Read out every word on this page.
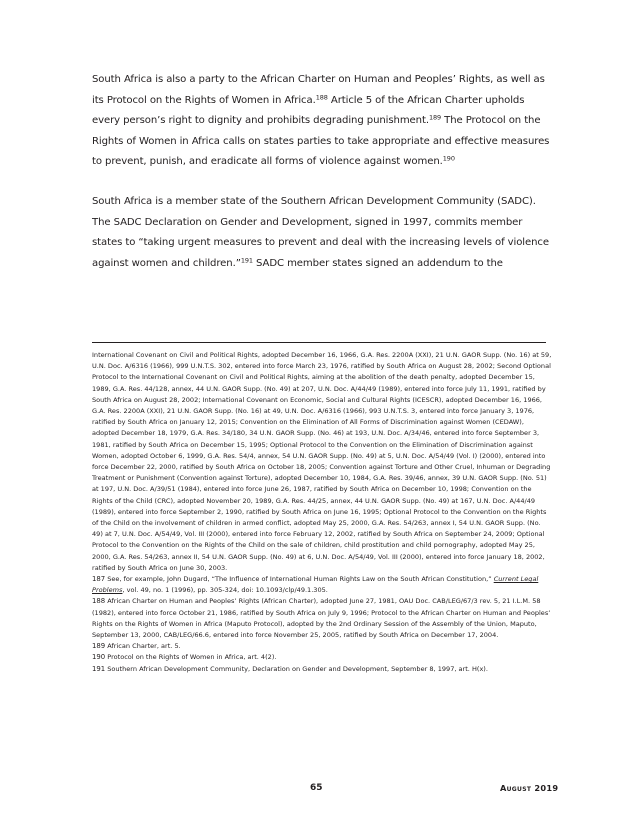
South Africa is also a party to the African Charter on Human and Peoples’ Rights, as well as its Protocol on the Rights of Women in Africa.$^{188}$ Article 5 of the African Charter upholds every person’s right to dignity and prohibits degrading punishment.$^{189}$ The Protocol on the Rights of Women in Africa calls on states parties to take appropriate and effective measures to prevent, punish, and eradicate all forms of violence against women.$^{190}$

South Africa is a member state of the Southern African Development Community (SADC). The SADC Declaration on Gender and Development, signed in 1997, commits member states to “taking urgent measures to prevent and deal with the increasing levels of violence against women and children.”$^{191}$ SADC member states signed an addendum to the

International Covenant on Civil and Political Rights, adopted December 16, 1966, G.A. Res. 2200A (XXI), 21 U.N. GAOR Supp. (No. 16) at 59, U.N. Doc. A/6316 (1966), 999 U.N.T.S. 302, entered into force March 23, 1976, ratified by South Africa on August 28, 2002; Second Optional Protocol to the International Covenant on Civil and Political Rights, aiming at the abolition of the death penalty, adopted December 15, 1989, G.A. Res. 44/128, annex, 44 U.N. GAOR Supp. (No. 49) at 207, U.N. Doc. A/44/49 (1989), entered into force July 11, 1991, ratified by South Africa on August 28, 2002; International Covenant on Economic, Social and Cultural Rights (ICESCR), adopted December 16, 1966, G.A. Res. 2200A (XXI), 21 U.N. GAOR Supp. (No. 16) at 49, U.N. Doc. A/6316 (1966), 993 U.N.T.S. 3, entered into force January 3, 1976, ratified by South Africa on January 12, 2015; Convention on the Elimination of All Forms of Discrimination against Women (CEDAW), adopted December 18, 1979, G.A. Res. 34/180, 34 U.N. GAOR Supp. (No. 46) at 193, U.N. Doc. A/34/46, entered into force September 3, 1981, ratified by South Africa on December 15, 1995; Optional Protocol to the Convention on the Elimination of Discrimination against Women, adopted October 6, 1999, G.A. Res. 54/4, annex, 54 U.N. GAOR Supp. (No. 49) at 5, U.N. Doc. A/54/49 (Vol. I) (2000), entered into force December 22, 2000, ratified by South Africa on October 18, 2005; Convention against Torture and Other Cruel, Inhuman or Degrading Treatment or Punishment (Convention against Torture), adopted December 10, 1984, G.A. Res. 39/46, annex, 39 U.N. GAOR Supp. (No. 51) at 197, U.N. Doc. A/39/51 (1984), entered into force June 26, 1987, ratified by South Africa on December 10, 1998; Convention on the Rights of the Child (CRC), adopted November 20, 1989, G.A. Res. 44/25, annex, 44 U.N. GAOR Supp. (No. 49) at 167, U.N. Doc. A/44/49 (1989), entered into force September 2, 1990, ratified by South Africa on June 16, 1995; Optional Protocol to the Convention on the Rights of the Child on the involvement of children in armed conflict, adopted May 25, 2000, G.A. Res. 54/263, annex I, 54 U.N. GAOR Supp. (No. 49) at 7, U.N. Doc. A/54/49, Vol. III (2000), entered into force February 12, 2002, ratified by South Africa on September 24, 2009; Optional Protocol to the Convention on the Rights of the Child on the sale of children, child prostitution and child pornography, adopted May 25, 2000, G.A. Res. 54/263, annex II, 54 U.N. GAOR Supp. (No. 49) at 6, U.N. Doc. A/54/49, Vol. III (2000), entered into force January 18, 2002, ratified by South Africa on June 30, 2003.

187 See, for example, John Dugard, “The Influence of International Human Rights Law on the South African Constitution,” Current Legal Problems, vol. 49, no. 1 (1996), pp. 305-324, doi: 10.1093/clp/49.1.305.

188 African Charter on Human and Peoples’ Rights (African Charter), adopted June 27, 1981, OAU Doc. CAB/LEG/67/3 rev. 5, 21 I.L.M. 58 (1982), entered into force October 21, 1986, ratified by South Africa on July 9, 1996; Protocol to the African Charter on Human and Peoples’ Rights on the Rights of Women in Africa (Maputo Protocol), adopted by the 2nd Ordinary Session of the Assembly of the Union, Maputo, September 13, 2000, CAB/LEG/66.6, entered into force November 25, 2005, ratified by South Africa on December 17, 2004.

189 African Charter, art. 5.

190 Protocol on the Rights of Women in Africa, art. 4(2).

191 Southern African Development Community, Declaration on Gender and Development, September 8, 1997, art. H(x).

65	August 2019
